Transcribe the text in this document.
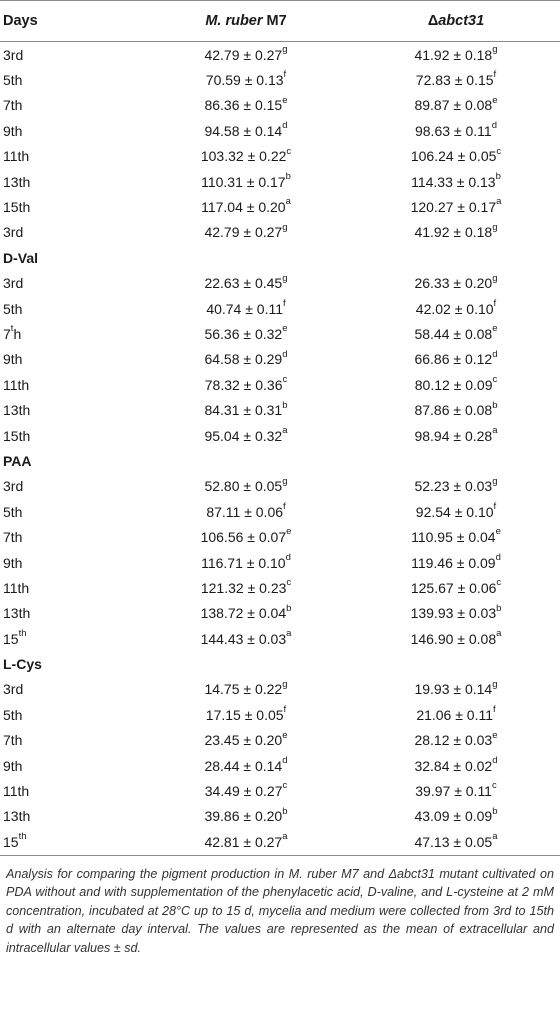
Days	M. ruber M7	Δabct31
3rd	42.79 ± 0.27$^g$	41.92 ± 0.18$^g$
5th	70.59 ± 0.13$^f$	72.83 ± 0.15$^f$
7th	86.36 ± 0.15$^e$	89.87 ± 0.08$^e$
9th	94.58 ± 0.14$^d$	98.63 ± 0.11$^d$
11th	103.32 ± 0.22$^c$	106.24 ± 0.05$^c$
13th	110.31 ± 0.17$^b$	114.33 ± 0.13$^b$
15th	117.04 ± 0.20$^a$	120.27 ± 0.17$^a$
3rd	42.79 ± 0.27$^g$	41.92 ± 0.18$^g$
D-Val
3rd	22.63 ± 0.45$^g$	26.33 ± 0.20$^g$
5th	40.74 ± 0.11$^f$	42.02 ± 0.10$^f$
7$^t$h	56.36 ± 0.32$^e$	58.44 ± 0.08$^e$
9th	64.58 ± 0.29$^d$	66.86 ± 0.12$^d$
11th	78.32 ± 0.36$^c$	80.12 ± 0.09$^c$
13th	84.31 ± 0.31$^b$	87.86 ± 0.08$^b$
15th	95.04 ± 0.32$^a$	98.94 ± 0.28$^a$
PAA
3rd	52.80 ± 0.05$^g$	52.23 ± 0.03$^g$
5th	87.11 ± 0.06$^f$	92.54 ± 0.10$^f$
7th	106.56 ± 0.07$^e$	110.95 ± 0.04$^e$
9th	116.71 ± 0.10$^d$	119.46 ± 0.09$^d$
11th	121.32 ± 0.23$^c$	125.67 ± 0.06$^c$
13th	138.72 ± 0.04$^b$	139.93 ± 0.03$^b$
15th	144.43 ± 0.03$^a$	146.90 ± 0.08$^a$
L-Cys
3rd	14.75 ± 0.22$^g$	19.93 ± 0.14$^g$
5th	17.15 ± 0.05$^f$	21.06 ± 0.11$^f$
7th	23.45 ± 0.20$^e$	28.12 ± 0.03$^e$
9th	28.44 ± 0.14$^d$	32.84 ± 0.02$^d$
11th	34.49 ± 0.27$^c$	39.97 ± 0.11$^c$
13th	39.86 ± 0.20$^b$	43.09 ± 0.09$^b$
15th	42.81 ± 0.27$^a$	47.13 ± 0.05$^a$
Analysis for comparing the pigment production in M. ruber M7 and Δabct31 mutant cultivated on PDA without and with supplementation of the phenylacetic acid, D-valine, and L-cysteine at 2 mM concentration, incubated at 28°C up to 15 d, mycelia and medium were collected from 3rd to 15th d with an alternate day interval. The values are represented as the mean of extracellular and intracellular values ± sd.
